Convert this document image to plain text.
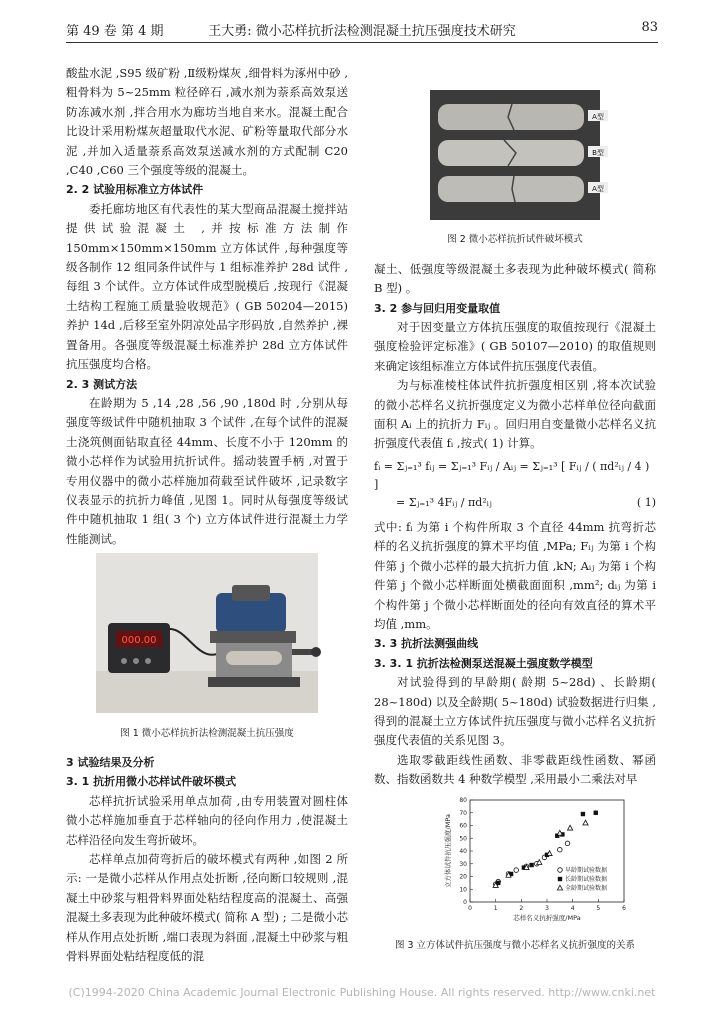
第 49 卷 第 4 期	王大勇: 微小芯样抗折法检测混凝土抗压强度技术研究	83

酸盐水泥 ,S95 级矿粉 ,Ⅱ级粉煤灰 ,细骨料为涿州中砂 ,粗骨料为 5~25mm 粒径碎石 ,减水剂为萘系高效泵送防冻减水剂 ,拌合用水为廊坊当地自来水。混凝土配合比设计采用粉煤灰超量取代水泥、矿粉等量取代部分水泥 ,并加入适量萘系高效泵送减水剂的方式配制 C20 ,C40 ,C60 三个强度等级的混凝土。

2. 2 试验用标准立方体试件

委托廊坊地区有代表性的某大型商品混凝土搅拌站提供试验混凝土 ,并按标准方法制作 150mm×150mm×150mm 立方体试件 ,每种强度等级各制作 12 组同条件试件与 1 组标准养护 28d 试件 ,每组 3 个试件。立方体试件成型脱模后 ,按现行《混凝土结构工程施工质量验收规范》( GB 50204—2015) 养护 14d ,后移至室外阴凉处品字形码放 ,自然养护 ,裸置备用。各强度等级混凝土标准养护 28d 立方体试件抗压强度均合格。

2. 3 测试方法

在龄期为 5 ,14 ,28 ,56 ,90 ,180d 时 ,分别从每强度等级试件中随机抽取 3 个试件 ,在每个试件的混凝土浇筑侧面钻取直径 44mm、长度不小于 120mm 的微小芯样作为试验用抗折试件。摇动装置手柄 ,对置于专用仪器中的微小芯样施加荷载至试件破坏 ,记录数字仪表显示的抗折力峰值 ,见图 1。同时从每强度等级试件中随机抽取 1 组( 3 个) 立方体试件进行混凝土力学性能测试。

000.00
图 1 微小芯样抗折法检测混凝土抗压强度
3 试验结果及分析
3. 1 抗折用微小芯样试件破坏模式

芯样抗折试验采用单点加荷 ,由专用装置对圆柱体微小芯样施加垂直于芯样轴向的径向作用力 ,使混凝土芯样沿径向发生弯折破坏。

芯样单点加荷弯折后的破坏模式有两种 ,如图 2 所示: 一是微小芯样从作用点处折断 ,径向断口较规则 ,混凝土中砂浆与粗骨料界面处粘结程度高的混凝土、高强混凝土多表现为此种破坏模式( 简称 A 型) ; 二是微小芯样从作用点处折断 ,端口表现为斜面 ,混凝土中砂浆与粗骨料界面处粘结程度低的混

A型
B型
A型
图 2 微小芯样抗折试件破坏模式

凝土、低强度等级混凝土多表现为此种破坏模式( 简称 B 型) 。

3. 2 参与回归用变量取值

对于因变量立方体抗压强度的取值按现行《混凝土强度检验评定标准》( GB 50107—2010) 的取值规则来确定该组标准立方体试件抗压强度代表值。

为与标准棱柱体试件抗折强度相区别 ,将本次试验的微小芯样名义抗折强度定义为微小芯样单位径向截面面积 Aᵢ 上的抗折力 Fᵢⱼ 。回归用自变量微小芯样名义抗折强度代表值 fᵢ ,按式( 1) 计算。

fᵢ = Σⱼ₌₁³ fᵢⱼ = Σⱼ₌₁³ Fᵢⱼ / Aᵢⱼ = Σⱼ₌₁³ [ Fᵢⱼ / ( πd²ᵢⱼ / 4 ) ]
= Σⱼ₌₁³ 4Fᵢⱼ / πd²ᵢⱼ	( 1)

式中: fᵢ 为第 i 个构件所取 3 个直径 44mm 抗弯折芯样的名义抗折强度的算术平均值 ,MPa; Fᵢⱼ 为第 i 个构件第 j 个微小芯样的最大抗折力值 ,kN; Aᵢⱼ 为第 i 个构件第 j 个微小芯样断面处横截面面积 ,mm²; dᵢⱼ 为第 i 个构件第 j 个微小芯样断面处的径向有效直径的算术平均值 ,mm。

3. 3 抗折法测强曲线
3. 3. 1 抗折法检测泵送混凝土强度数学模型

对试验得到的早龄期( 龄期 5~28d) 、长龄期( 28~180d) 以及全龄期( 5~180d) 试验数据进行归集 ,得到的混凝土立方体试件抗压强度与微小芯样名义抗折强度代表值的关系见图 3。

选取零截距线性函数、非零截距线性函数、幂函数、指数函数共 4 种数学模型 ,采用最小二乘法对早

0	1	2	3	4	5	6
0
10
20
30
40
50
60
70
80
芯样名义抗折强度/MPa
立方体试件抗压强度/MPa	早龄期试验数据
长龄期试验数据
全龄期试验数据
图 3 立方体试件抗压强度与微小芯样名义抗折强度的关系
(C)1994-2020 China Academic Journal Electronic Publishing House. All rights reserved. http://www.cnki.net
